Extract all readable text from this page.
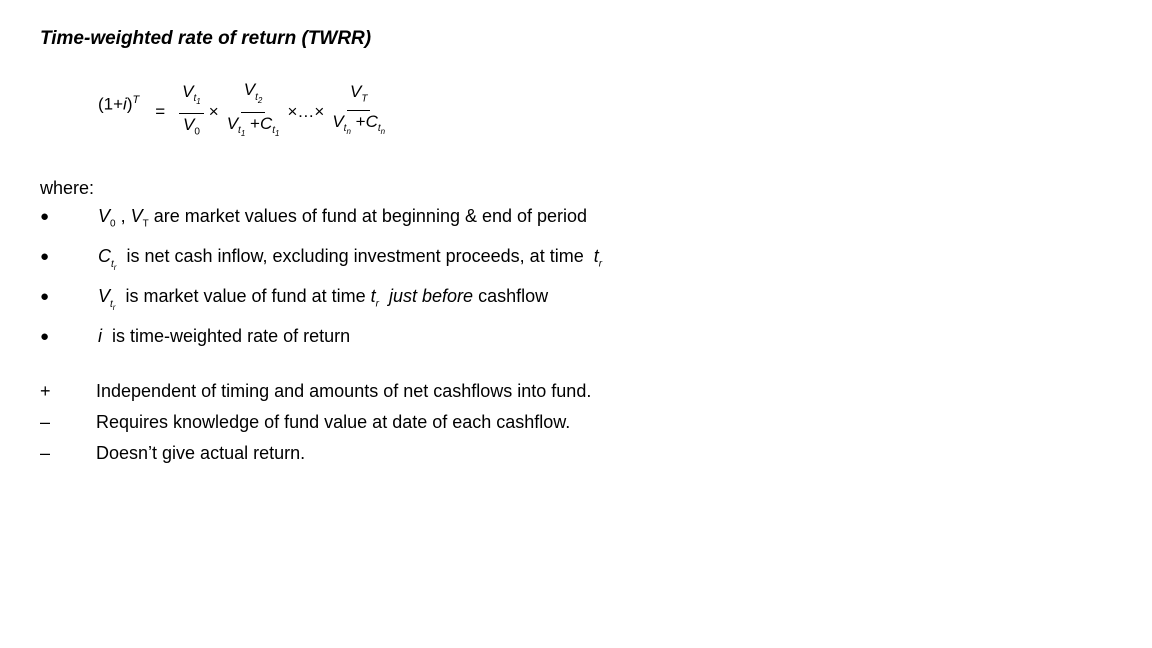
Time-weighted rate of return (TWRR)
$(1+i)^T$
= $\frac{V_{t_1}}{V_0} \times \frac{V_{t_2}}{V_{t_1} +C_{t_1}}$ ×…× $\frac{V_T}{V_{t_n} +C_{t_n}}$
where:
●	$V_0$ , $V_T$ are market values of fund at beginning & end of period
●	$C_{t_r}$  is net cash inflow, excluding investment proceeds, at time $t_r$
●	$V_{t_r}$  is market value of fund at time $t_r$ just before cashflow
●	i is time-weighted rate of return
+	Independent of timing and amounts of net cashflows into fund.
–	Requires knowledge of fund value at date of each cashflow.
–	Doesn’t give actual return.
